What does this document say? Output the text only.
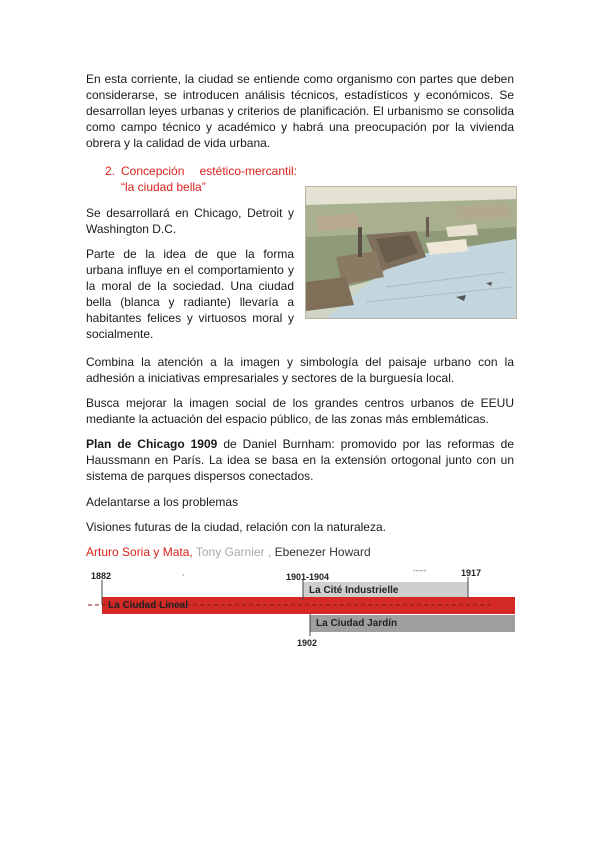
En esta corriente, la ciudad se entiende como organismo con partes que deben considerarse, se introducen análisis técnicos, estadísticos y económicos. Se desarrollan leyes urbanas y criterios de planificación. El urbanismo se consolida como campo técnico y académico y habrá una preocupación por la vivienda obrera y la calidad de vida urbana.

2. Concepción estético-mercantil:
“la ciudad bella”

Se desarrollará en Chicago, Detroit y Washington D.C.

Parte de la idea de que la forma urbana influye en el comportamiento y la moral de la sociedad. Una ciudad bella (blanca y radiante) llevaría a habitantes felices y virtuosos moral y socialmente.

Combina la atención a la imagen y simbología del paisaje urbano con la adhesión a iniciativas empresariales y sectores de la burguesía local.

Busca mejorar la imagen social de los grandes centros urbanos de EEUU mediante la actuación del espacio público, de las zonas más emblemáticas.

Plan de Chicago 1909 de Daniel Burnham: promovido por las reformas de Haussmann en París. La idea se basa en la extensión ortogonal junto con un sistema de parques dispersos conectados.

Adelantarse a los problemas

Visiones futuras de la ciudad, relación con la naturaleza.

Arturo Soria y Mata, Tony Garnier , Ebenezer Howard

,	-----
1882	1901-1904	1917
1902
La Cité Industrielle
La Ciudad Lineal
La Ciudad Jardín
